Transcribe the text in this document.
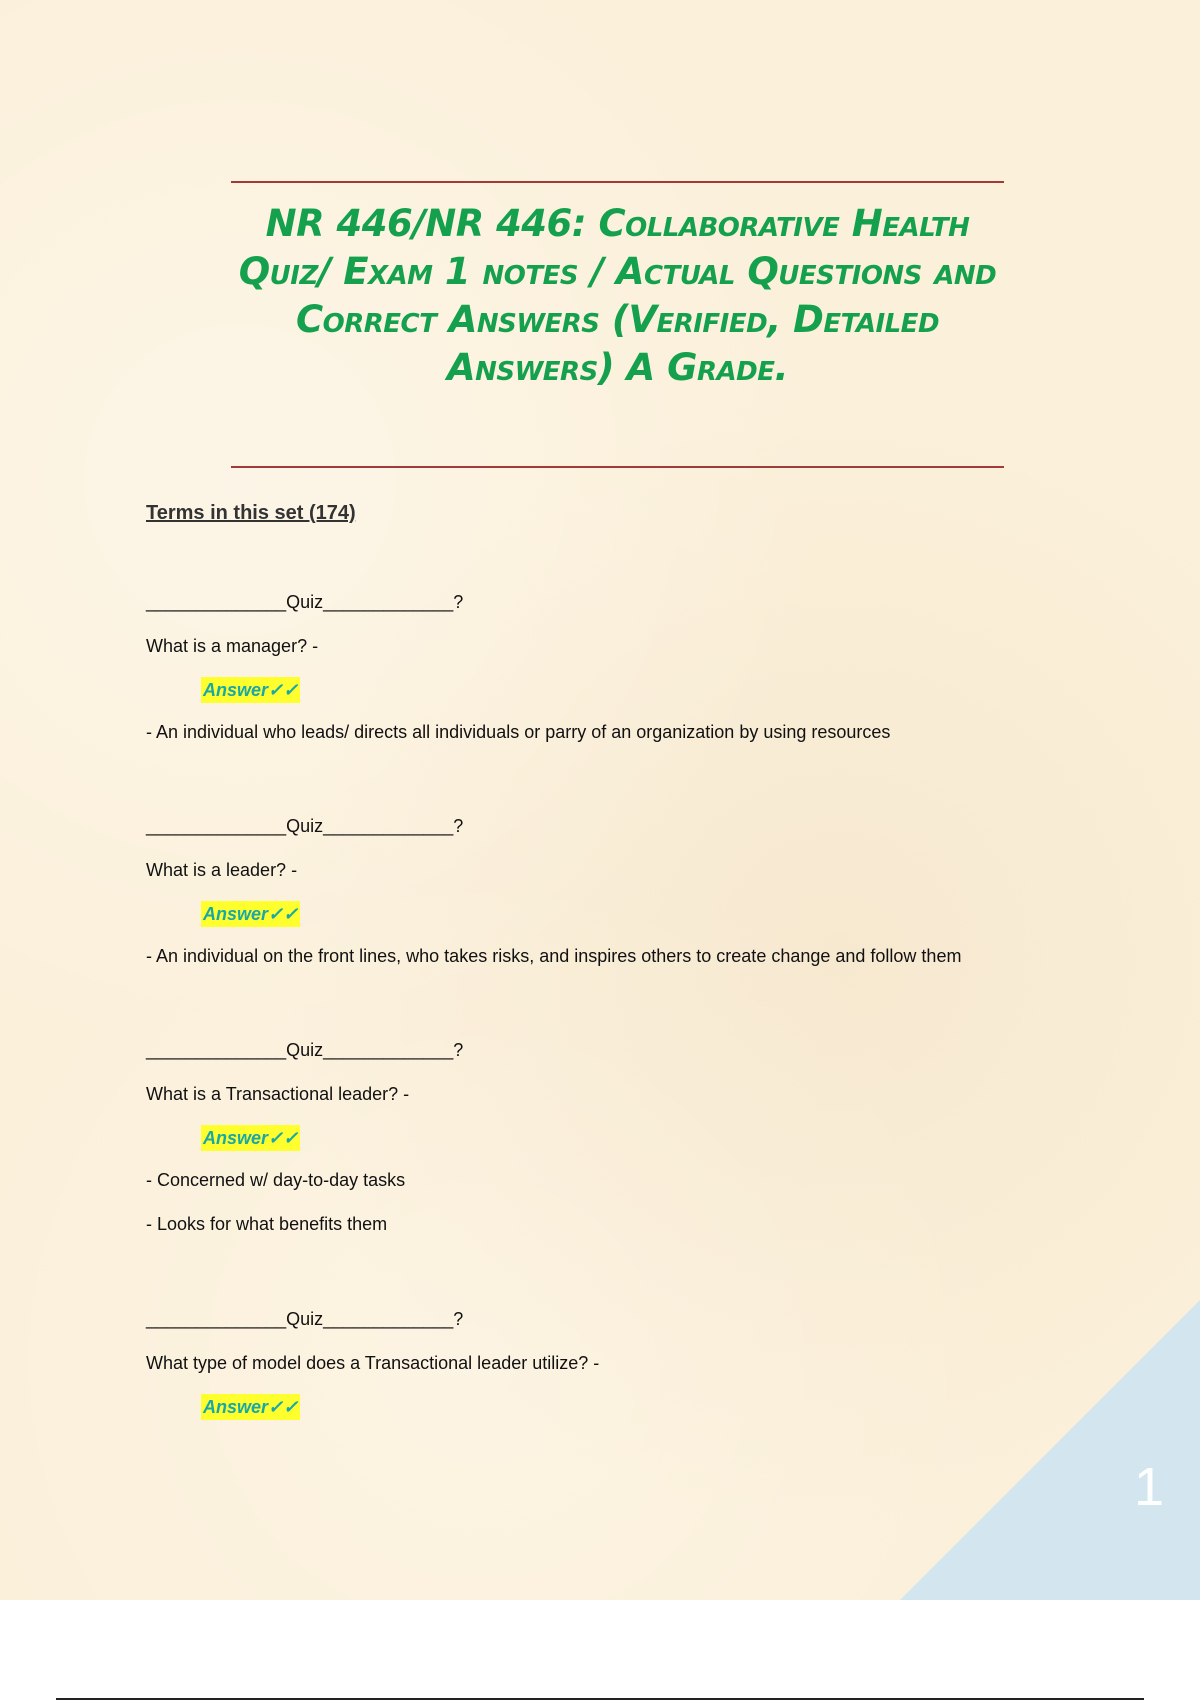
NR 446/NR 446: Collaborative Health Quiz/ Exam 1 notes / Actual Questions and Correct Answers (Verified, Detailed Answers) A Grade.
Terms in this set (174)
______________Quiz_____________?
What is a manager? -
Answer✓✓
- An individual who leads/ directs all individuals or parry of an organization by using resources
______________Quiz_____________?
What is a leader? -
Answer✓✓
- An individual on the front lines, who takes risks, and inspires others to create change and follow them
______________Quiz_____________?
What is a Transactional leader? -
Answer✓✓
- Concerned w/ day-to-day tasks
- Looks for what benefits them
______________Quiz_____________?
What type of model does a Transactional leader utilize? -
Answer✓✓
1
